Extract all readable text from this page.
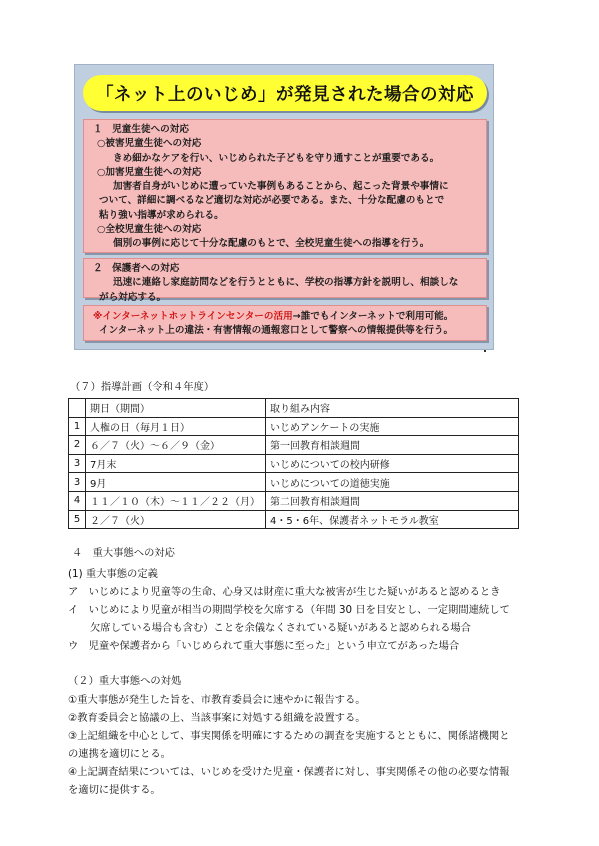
「ネット上のいじめ」が発見された場合の対応
１　児童生徒への対応
○被害児童生徒への対応
きめ細かなケアを行い、いじめられた子どもを守り通すことが重要である。
○加害児童生徒への対応
加害者自身がいじめに遭っていた事例もあることから、起こった背景や事情に
ついて、詳細に調べるなど適切な対応が必要である。また、十分な配慮のもとで
粘り強い指導が求められる。
○全校児童生徒への対応
個別の事例に応じて十分な配慮のもとで、全校児童生徒への指導を行う。
２　保護者への対応
迅速に連絡し家庭訪問などを行うとともに、学校の指導方針を説明し、相談しな
がら対応する。
※インターネットホットラインセンターの活用→誰でもインターネットで利用可能。
インターネット上の違法・有害情報の通報窓口として警察への情報提供等を行う。
（７）指導計画（令和４年度）
	期日（期間）	取り組み内容
1	人権の日（毎月１日）	いじめアンケートの実施
2	６／７（火）～６／９（金）	第一回教育相談週間
3	7月末	いじめについての校内研修
3	9月	いじめについての道徳実施
4	１１／１０（木）～１１／２２（月）	第二回教育相談週間
5	２／７（火）	4・5・6年、保護者ネットモラル教室
４　重大事態への対応
(1) 重大事態の定義
ア　いじめにより児童等の生命、心身又は財産に重大な被害が生じた疑いがあると認めるとき
イ　いじめにより児童が相当の期間学校を欠席する（年間 30 日を目安とし、一定期間連続して
欠席している場合も含む）ことを余儀なくされている疑いがあると認められる場合
ウ　児童や保護者から「いじめられて重大事態に至った」という申立てがあった場合
（２）重大事態への対処
①重大事態が発生した旨を、市教育委員会に速やかに報告する。
②教育委員会と協議の上、当該事案に対処する組織を設置する。
③上記組織を中心として、事実関係を明確にするための調査を実施するとともに、関係諸機関と
の連携を適切にとる。
④上記調査結果については、いじめを受けた児童・保護者に対し、事実関係その他の必要な情報
を適切に提供する。
